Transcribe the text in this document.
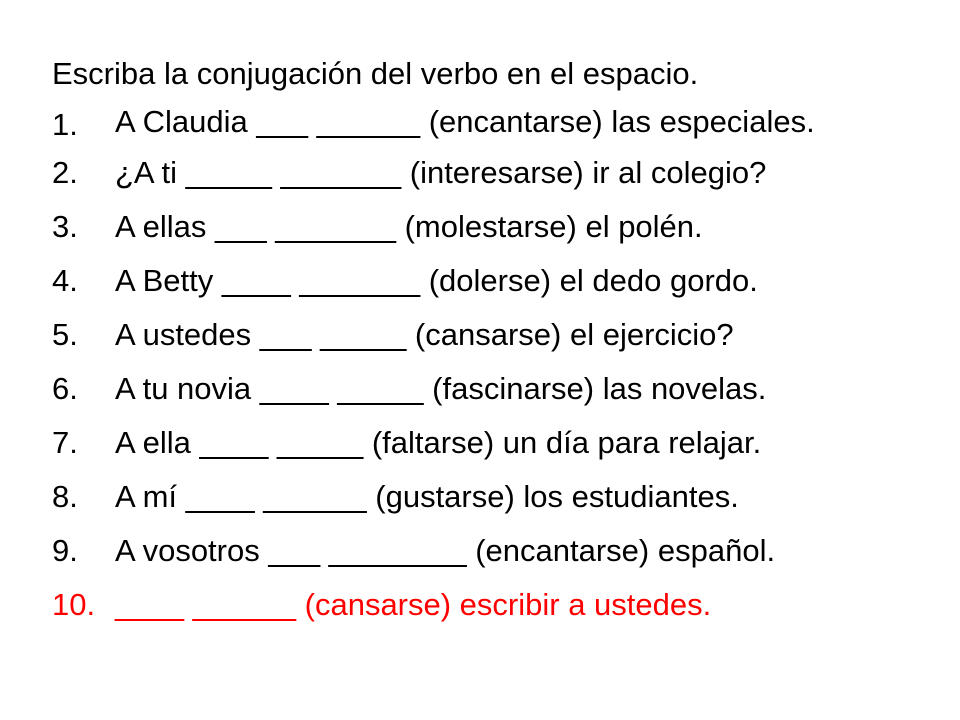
Escriba la conjugación del verbo en el espacio.
1. A Claudia ___ ______ (encantarse) las especiales.
2. ¿A ti _____ _______ (interesarse) ir al colegio?
3. A ellas ___ _______ (molestarse) el polén.
4. A Betty ____ _______ (dolerse) el dedo gordo.
5. A ustedes ___ _____ (cansarse) el ejercicio?
6. A tu novia ____ _____ (fascinarse) las novelas.
7. A ella ____ _____ (faltarse) un día para relajar.
8. A mí ____ ______ (gustarse) los estudiantes.
9. A vosotros ___ ________ (encantarse) español.
10. ____ ______ (cansarse) escribir a ustedes.
